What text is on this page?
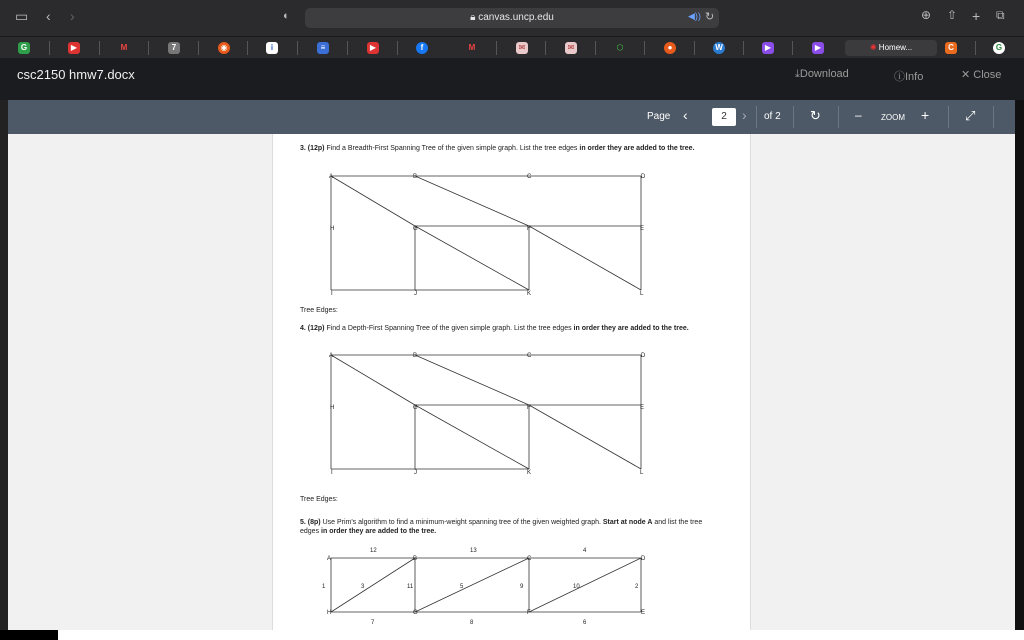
▭ ‹ ›	◐	🔒︎ canvas.uncp.edu	◀)) ↻	⊕ ⇧ + ⧉
G	▶	M	7	◉	i	≡	▶	f	M	✉	✉	⬡	●	W	▶	▶	✺ Homew...	C	G
csc2150 hmw7.docx	⤓Download	ⓘInfo	✕ Close
Page ‹	2	› of 2 ↻	– ZOOM +	⤢
3. (12p) Find a Breadth-First Spanning Tree of the given simple graph. List the tree edges in order they are added to the tree.
A	B	C	D
H	G	F	E
I	J	K	L
Tree Edges:
4. (12p) Find a Depth-First Spanning Tree of the given simple graph. List the tree edges in order they are added to the tree.
A	B	C	D
H	G	F	E
I	J	K	L
Tree Edges:
5. (8p) Use Prim's algorithm to find a minimum-weight spanning tree of the given weighted graph. Start at node A and list the tree edges in order they are added to the tree.
A	B	C	D
H	G	F	E
12	13	4
1	3	11	5	9	10	2
7	8	6
